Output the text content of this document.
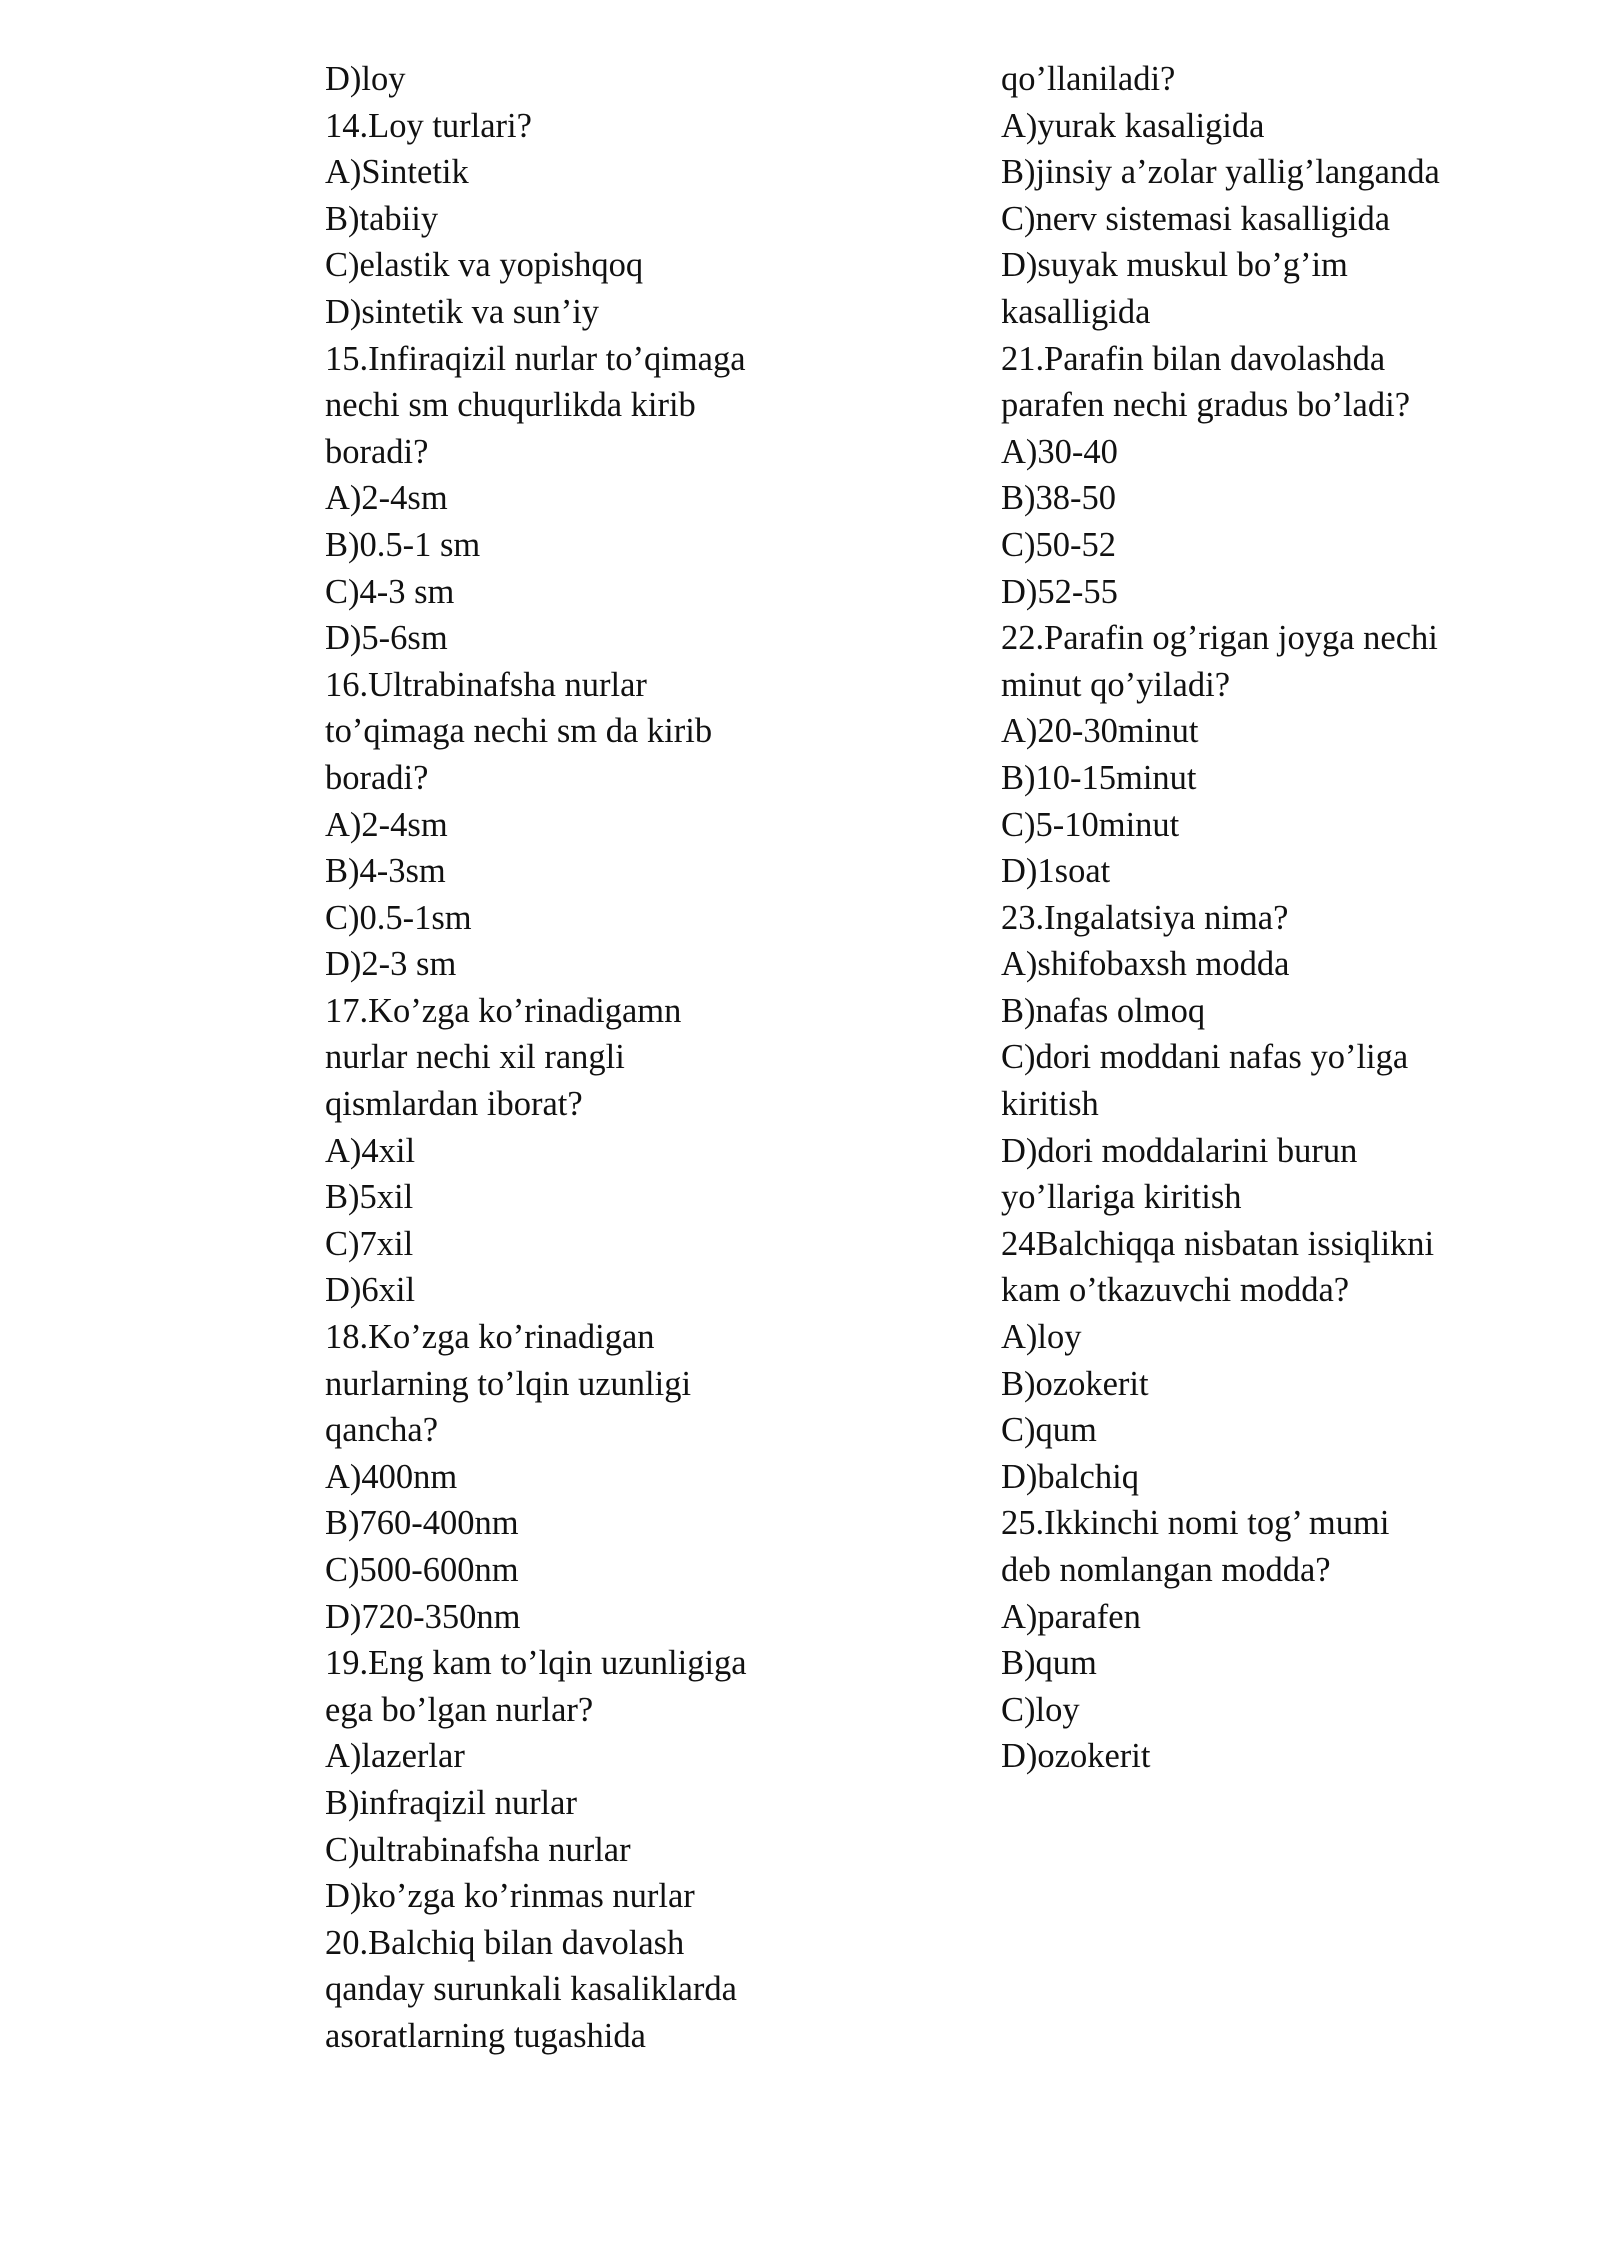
D)loy
14.Loy turlari?
A)Sintetik
B)tabiiy
C)elastik va yopishqoq
D)sintetik va sun’iy
15.Infiraqizil nurlar to’qimaga
nechi sm chuqurlikda kirib
boradi?
A)2-4sm
B)0.5-1 sm
C)4-3 sm
D)5-6sm
16.Ultrabinafsha nurlar
to’qimaga nechi sm da kirib
boradi?
A)2-4sm
B)4-3sm
C)0.5-1sm
D)2-3 sm
17.Ko’zga ko’rinadigamn
nurlar nechi xil rangli
qismlardan iborat?
A)4xil
B)5xil
C)7xil
D)6xil
18.Ko’zga ko’rinadigan
nurlarning to’lqin uzunligi
qancha?
A)400nm
B)760-400nm
C)500-600nm
D)720-350nm
19.Eng kam to’lqin uzunligiga
ega bo’lgan nurlar?
A)lazerlar
B)infraqizil nurlar
C)ultrabinafsha nurlar
D)ko’zga ko’rinmas nurlar
20.Balchiq bilan davolash
qanday surunkali kasaliklarda
asoratlarning tugashida
qo’llaniladi?
A)yurak kasaligida
B)jinsiy a’zolar yallig’langanda
C)nerv sistemasi kasalligida
D)suyak muskul bo’g’im
kasalligida
21.Parafin bilan davolashda
parafen nechi gradus bo’ladi?
A)30-40
B)38-50
C)50-52
D)52-55
22.Parafin og’rigan joyga nechi
minut qo’yiladi?
A)20-30minut
B)10-15minut
C)5-10minut
D)1soat
23.Ingalatsiya nima?
A)shifobaxsh modda
B)nafas olmoq
C)dori moddani nafas yo’liga
kiritish
D)dori moddalarini burun
yo’llariga kiritish
24Balchiqqa nisbatan issiqlikni
kam o’tkazuvchi modda?
A)loy
B)ozokerit
C)qum
D)balchiq
25.Ikkinchi nomi tog’ mumi
deb nomlangan modda?
A)parafen
B)qum
C)loy
D)ozokerit
